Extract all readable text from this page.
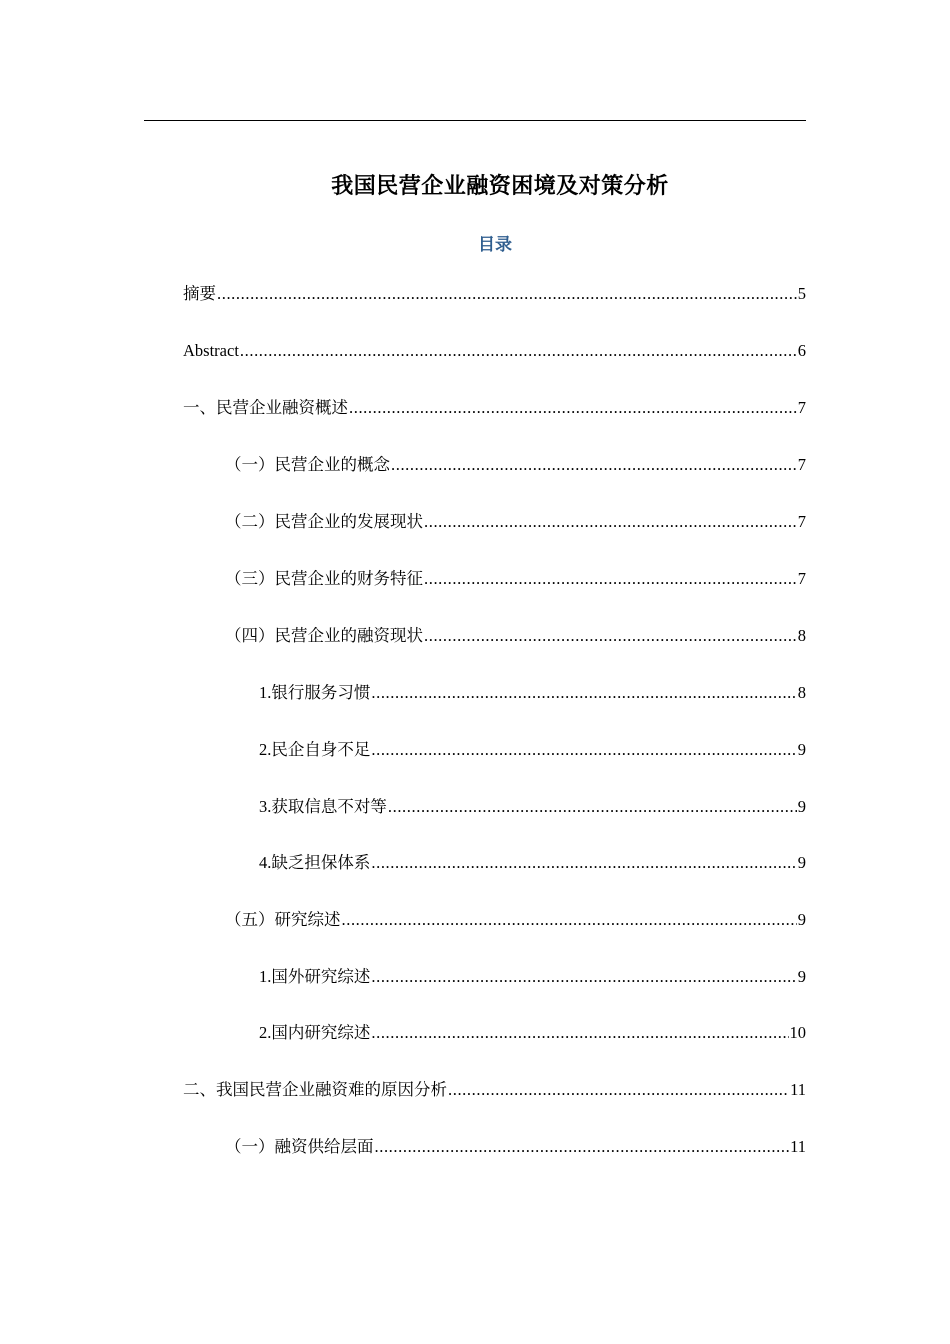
我国民营企业融资困境及对策分析
目录
摘要 .....	5
Abstract .....	6
一、民营企业融资概述 .....	7
（一）民营企业的概念 .....	7
（二）民营企业的发展现状 .....	7
（三）民营企业的财务特征 .....	7
（四）民营企业的融资现状 .....	8
1.银行服务习惯 .....	8
2.民企自身不足 .....	9
3.获取信息不对等 .....	9
4.缺乏担保体系 .....	9
（五）研究综述 .....	9
1.国外研究综述 .....	9
2.国内研究综述 .....	10
二、我国民营企业融资难的原因分析 .....	11
（一）融资供给层面 .....	11
